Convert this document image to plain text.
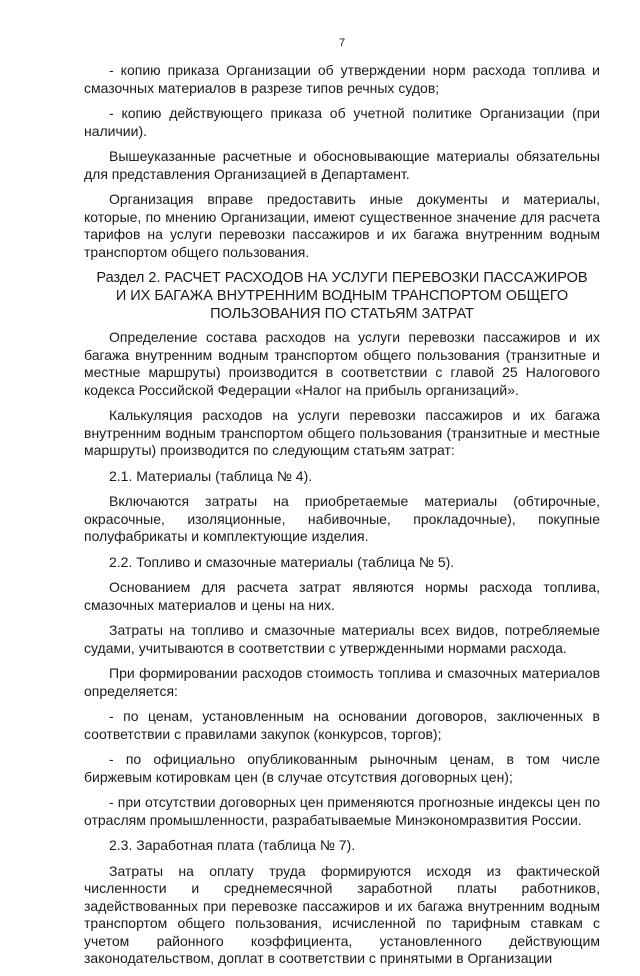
7

- копию приказа Организации об утверждении норм расхода топлива и смазочных материалов в разрезе типов речных судов;

- копию действующего приказа об учетной политике Организации (при наличии).

Вышеуказанные расчетные и обосновывающие материалы обязательны для представления Организацией в Департамент.

Организация вправе предоставить иные документы и материалы, которые, по мнению Организации, имеют существенное значение для расчета тарифов на услуги перевозки пассажиров и их багажа внутренним водным транспортом общего пользования.

Раздел 2. РАСЧЕТ РАСХОДОВ НА УСЛУГИ ПЕРЕВОЗКИ ПАССАЖИРОВ
И ИХ БАГАЖА ВНУТРЕННИМ ВОДНЫМ ТРАНСПОРТОМ ОБЩЕГО
ПОЛЬЗОВАНИЯ ПО СТАТЬЯМ ЗАТРАТ

Определение состава расходов на услуги перевозки пассажиров и их багажа внутренним водным транспортом общего пользования (транзитные и местные маршруты) производится в соответствии с главой 25 Налогового кодекса Российской Федерации «Налог на прибыль организаций».

Калькуляция расходов на услуги перевозки пассажиров и их багажа внутренним водным транспортом общего пользования (транзитные и местные маршруты) производится по следующим статьям затрат:

2.1. Материалы (таблица № 4).

Включаются затраты на приобретаемые материалы (обтирочные, окрасочные, изоляционные, набивочные, прокладочные), покупные полуфабрикаты и комплектующие изделия.

2.2. Топливо и смазочные материалы (таблица № 5).

Основанием для расчета затрат являются нормы расхода топлива, смазочных материалов и цены на них.

Затраты на топливо и смазочные материалы всех видов, потребляемые судами, учитываются в соответствии с утвержденными нормами расхода.

При формировании расходов стоимость топлива и смазочных материалов определяется:

- по ценам, установленным на основании договоров, заключенных в соответствии с правилами закупок (конкурсов, торгов);

- по официально опубликованным рыночным ценам, в том числе биржевым котировкам цен (в случае отсутствия договорных цен);

- при отсутствии договорных цен применяются прогнозные индексы цен по отраслям промышленности, разрабатываемые Минэкономразвития России.

2.3. Заработная плата (таблица № 7).

Затраты на оплату труда формируются исходя из фактической численности и среднемесячной заработной платы работников, задействованных при перевозке пассажиров и их багажа внутренним водным транспортом общего пользования, исчисленной по тарифным ставкам с учетом районного коэффициента, установленного действующим законодательством, доплат в соответствии с принятыми в Организации
